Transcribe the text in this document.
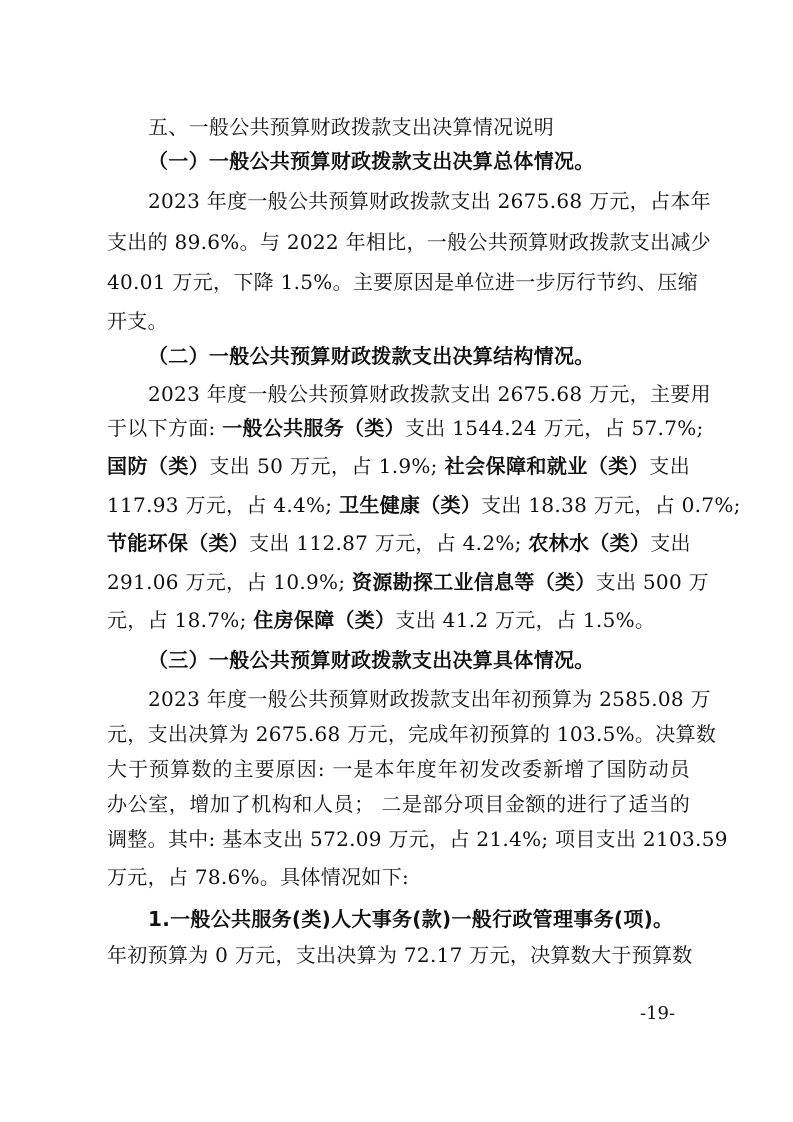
五、一般公共预算财政拨款支出决算情况说明
（一）一般公共预算财政拨款支出决算总体情况。
2023 年度一般公共预算财政拨款支出 2675.68 万元，占本年
支出的 89.6%。与 2022 年相比，一般公共预算财政拨款支出减少
40.01 万元，下降 1.5%。主要原因是单位进一步厉行节约、压缩
开支。
（二）一般公共预算财政拨款支出决算结构情况。
2023 年度一般公共预算财政拨款支出 2675.68 万元，主要用
于以下方面: 一般公共服务（类）支出 1544.24 万元，占 57.7%;
国防（类）支出 50 万元，占 1.9%; 社会保障和就业（类）支出
117.93 万元，占 4.4%; 卫生健康（类）支出 18.38 万元，占 0.7%;
节能环保（类）支出 112.87 万元，占 4.2%; 农林水（类）支出
291.06 万元，占 10.9%; 资源勘探工业信息等（类）支出 500 万
元，占 18.7%; 住房保障（类）支出 41.2 万元，占 1.5%。
（三）一般公共预算财政拨款支出决算具体情况。
2023 年度一般公共预算财政拨款支出年初预算为 2585.08 万
元，支出决算为 2675.68 万元，完成年初预算的 103.5%。决算数
大于预算数的主要原因: 一是本年度年初发改委新增了国防动员
办公室，增加了机构和人员； 二是部分项目金额的进行了适当的
调整。其中: 基本支出 572.09 万元，占 21.4%; 项目支出 2103.59
万元，占 78.6%。具体情况如下:
1.一般公共服务(类)人大事务(款)一般行政管理事务(项)。
年初预算为 0 万元，支出决算为 72.17 万元，决算数大于预算数
-19-
